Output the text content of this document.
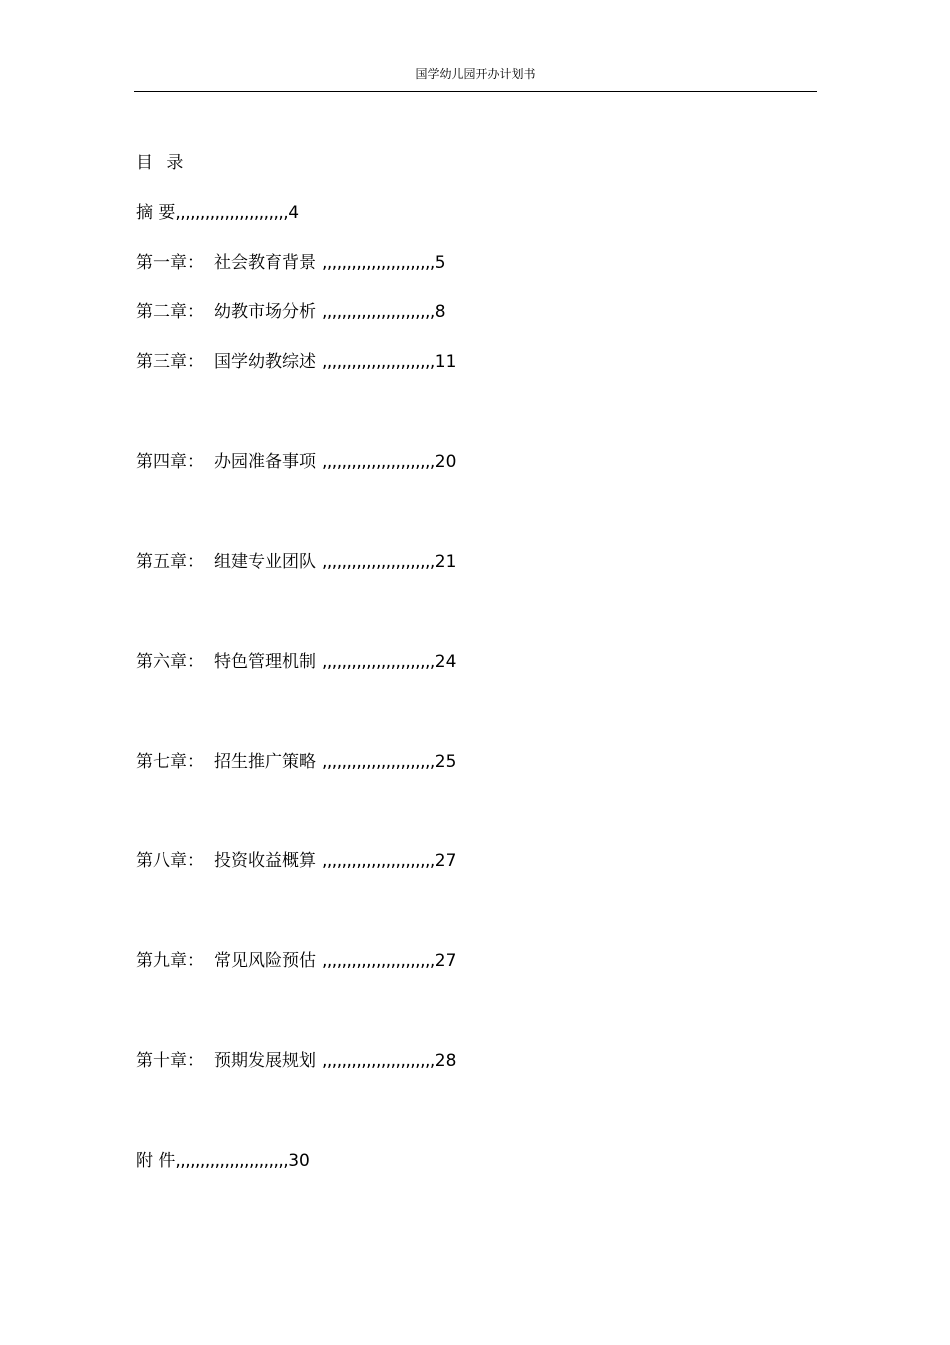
国学幼儿园开办计划书
目 录
摘 要,,,,,,,,,,,,,,,,,,,,,,,4
第一章： 社会教育背景 ,,,,,,,,,,,,,,,,,,,,,,,5
第二章： 幼教市场分析 ,,,,,,,,,,,,,,,,,,,,,,,8
第三章： 国学幼教综述 ,,,,,,,,,,,,,,,,,,,,,,,11
第四章： 办园准备事项 ,,,,,,,,,,,,,,,,,,,,,,,20
第五章： 组建专业团队 ,,,,,,,,,,,,,,,,,,,,,,,21
第六章： 特色管理机制 ,,,,,,,,,,,,,,,,,,,,,,,24
第七章： 招生推广策略 ,,,,,,,,,,,,,,,,,,,,,,,25
第八章： 投资收益概算 ,,,,,,,,,,,,,,,,,,,,,,,27
第九章： 常见风险预估 ,,,,,,,,,,,,,,,,,,,,,,,27
第十章： 预期发展规划 ,,,,,,,,,,,,,,,,,,,,,,,28
附 件,,,,,,,,,,,,,,,,,,,,,,,30
